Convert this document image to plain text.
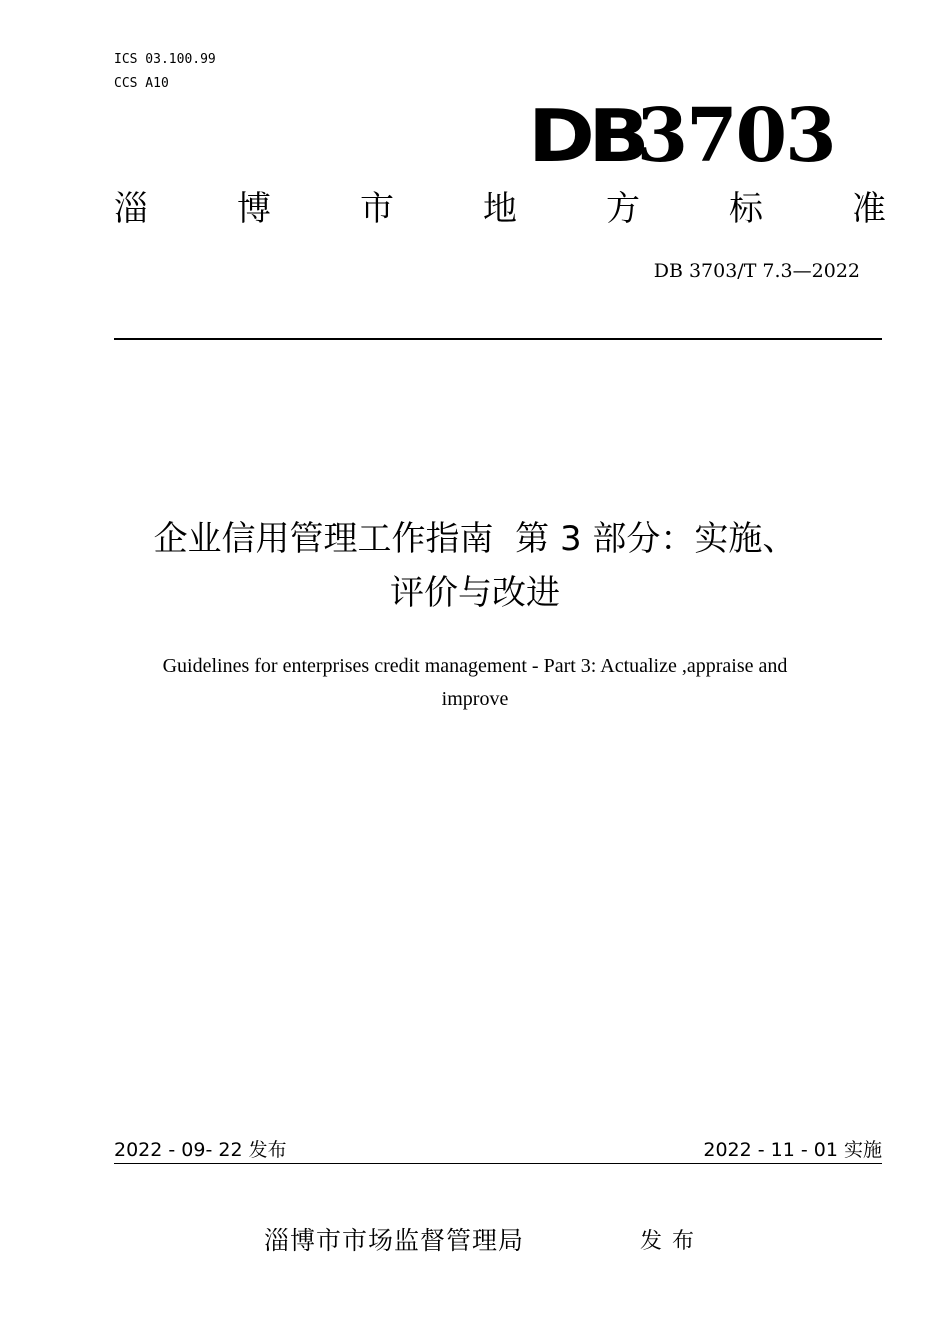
ICS 03.100.99
CCS A10
DB
3703
淄	博	市	地	方	标	准
DB 3703/T 7.3—2022
企业信用管理工作指南  第 3 部分：实施、
评价与改进
Guidelines for enterprises credit management - Part 3: Actualize ,appraise and
improve
2022 - 09- 22 发布	2022 - 11 - 01 实施
淄博市市场监督管理局	发布
